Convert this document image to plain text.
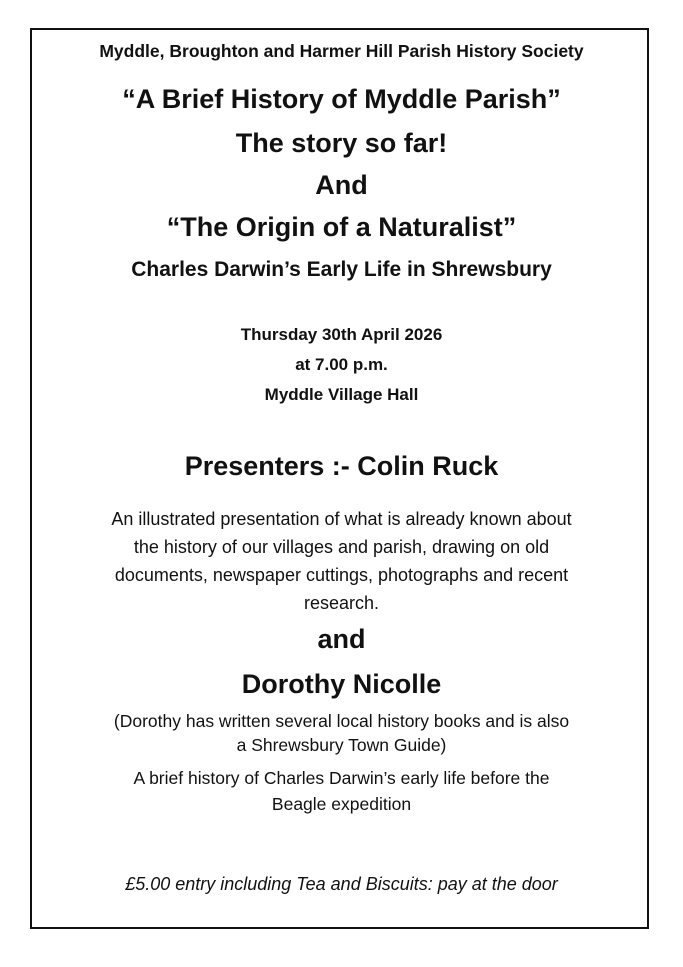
Myddle, Broughton and Harmer Hill Parish History Society

“A Brief History of Myddle Parish”

The story so far!

And

“The Origin of a Naturalist”

Charles Darwin’s Early Life in Shrewsbury

Thursday 30th April 2026

at 7.00 p.m.

Myddle Village Hall

Presenters :- Colin Ruck

An illustrated presentation of what is already known about
the history of our villages and parish, drawing on old
documents, newspaper cuttings, photographs and recent
research.

and

Dorothy Nicolle

(Dorothy has written several local history books and is also
a Shrewsbury Town Guide)
A brief history of Charles Darwin’s early life before the
Beagle expedition

£5.00 entry including Tea and Biscuits: pay at the door
